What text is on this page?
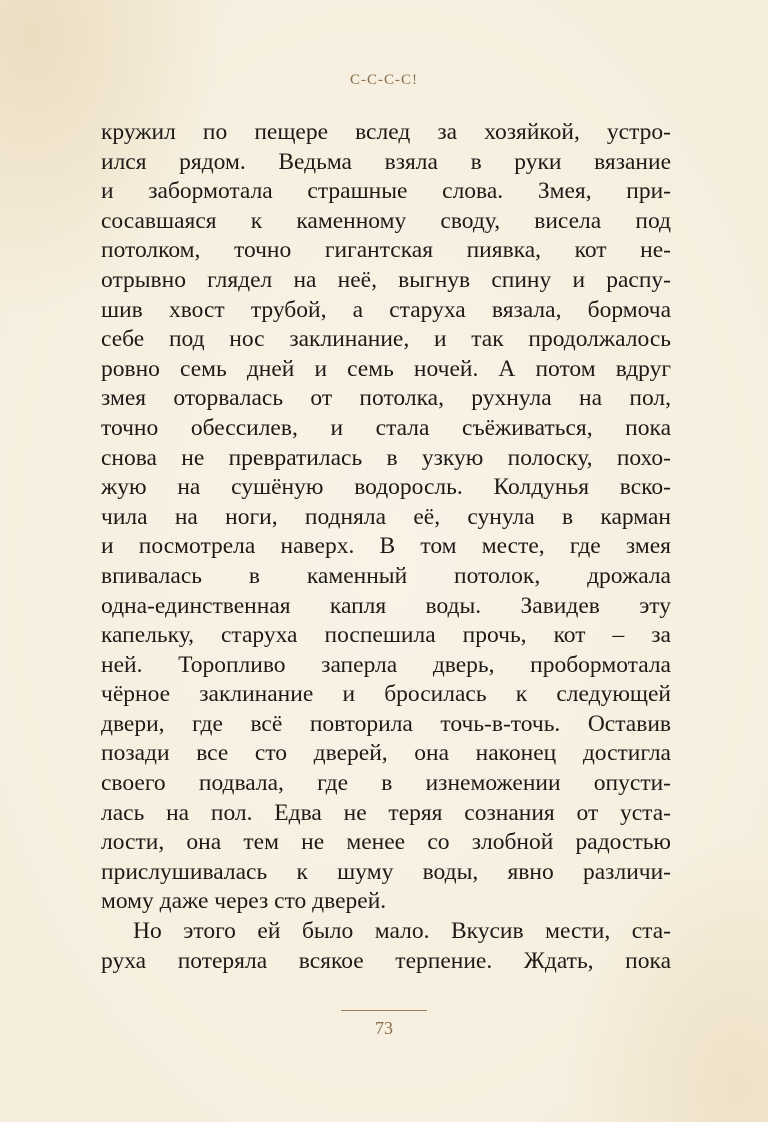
С-С-С-С!
кружил по пещере вслед за хозяйкой, устро-
ился рядом. Ведьма взяла в руки вязание
и забормотала страшные слова. Змея, при-
сосавшаяся к каменному своду, висела под
потолком, точно гигантская пиявка, кот не-
отрывно глядел на неё, выгнув спину и распу-
шив хвост трубой, а старуха вязала, бормоча
себе под нос заклинание, и так продолжалось
ровно семь дней и семь ночей. А потом вдруг
змея оторвалась от потолка, рухнула на пол,
точно обессилев, и стала съёживаться, пока
снова не превратилась в узкую полоску, похо-
жую на сушёную водоросль. Колдунья вско-
чила на ноги, подняла её, сунула в карман
и посмотрела наверх. В том месте, где змея
впивалась в каменный потолок, дрожала
одна-единственная капля воды. Завидев эту
капельку, старуха поспешила прочь, кот – за
ней. Торопливо заперла дверь, пробормотала
чёрное заклинание и бросилась к следующей
двери, где всё повторила точь-в-точь. Оставив
позади все сто дверей, она наконец достигла
своего подвала, где в изнеможении опусти-
лась на пол. Едва не теряя сознания от уста-
лости, она тем не менее со злобной радостью
прислушивалась к шуму воды, явно различи-
мому даже через сто дверей.
Но этого ей было мало. Вкусив мести, ста-
руха потеряла всякое терпение. Ждать, пока
73
